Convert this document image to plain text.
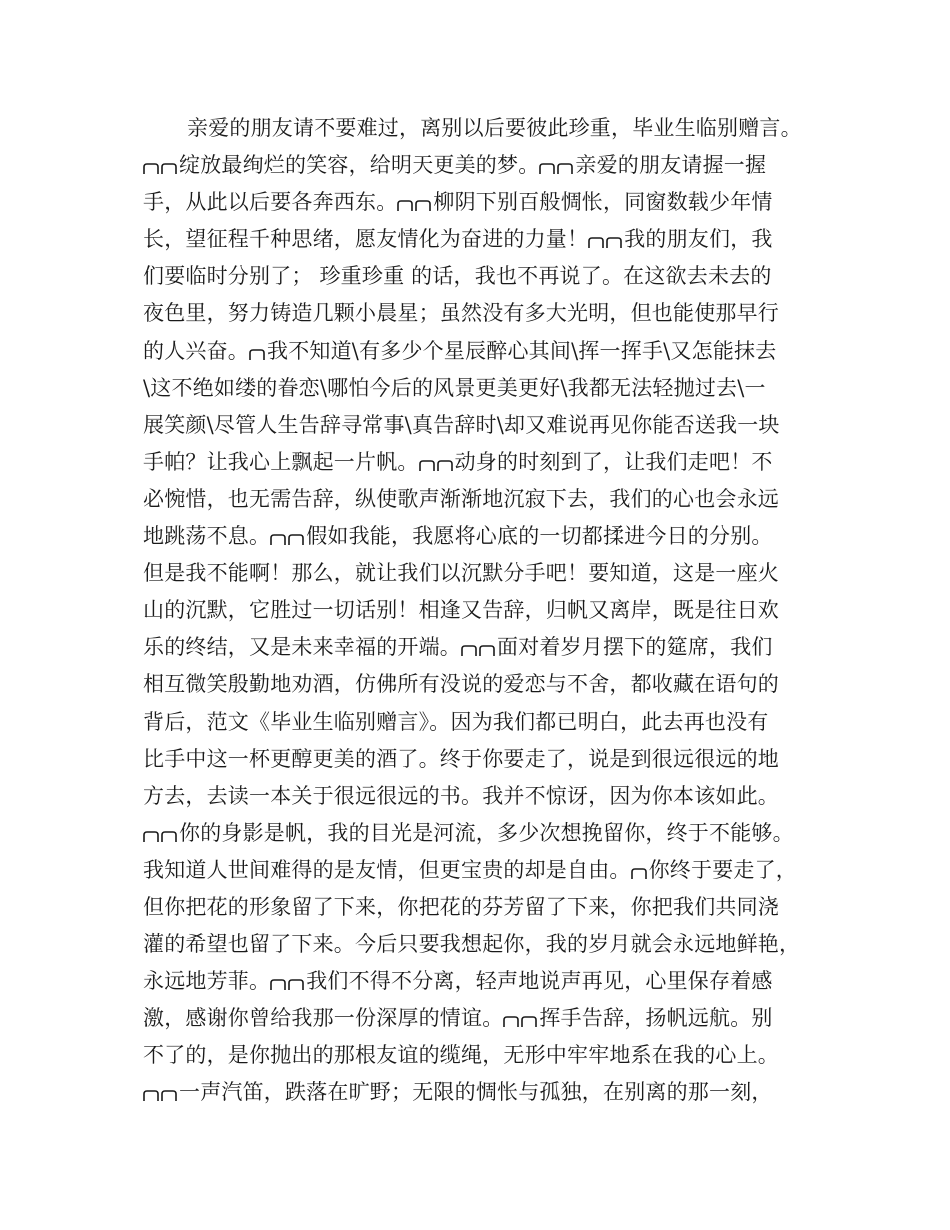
亲爱的朋友请不要难过，离别以后要彼此珍重，毕业生临别赠言。
绽放最绚烂的笑容，给明天更美的梦。 亲爱的朋友请握一握
手，从此以后要各奔西东。 柳阴下别百般惆怅，同窗数载少年情
长，望征程千种思绪，愿友情化为奋进的力量！ 我的朋友们，我
们要临时分别了； 珍重珍重 的话，我也不再说了。在这欲去未去的
夜色里，努力铸造几颗小晨星；虽然没有多大光明，但也能使那早行
的人兴奋。 我不知道\有多少个星辰醉心其间\挥一挥手\又怎能抹去
\这不绝如缕的眷恋\哪怕今后的风景更美更好\我都无法轻抛过去\一
展笑颜\尽管人生告辞寻常事\真告辞时\却又难说再见你能否送我一块
手帕？让我心上飘起一片帆。 动身的时刻到了，让我们走吧！不
必惋惜，也无需告辞，纵使歌声渐渐地沉寂下去，我们的心也会永远
地跳荡不息。 假如我能，我愿将心底的一切都揉进今日的分别。
但是我不能啊！那么，就让我们以沉默分手吧！要知道，这是一座火
山的沉默，它胜过一切话别！相逢又告辞，归帆又离岸，既是往日欢
乐的终结，又是未来幸福的开端。 面对着岁月摆下的筵席，我们
相互微笑殷勤地劝酒，仿佛所有没说的爱恋与不舍，都收藏在语句的
背后，范文《毕业生临别赠言》。因为我们都已明白，此去再也没有
比手中这一杯更醇更美的酒了。终于你要走了，说是到很远很远的地
方去，去读一本关于很远很远的书。我并不惊讶，因为你本该如此。
你的身影是帆，我的目光是河流，多少次想挽留你，终于不能够。
我知道人世间难得的是友情，但更宝贵的却是自由。 你终于要走了，
但你把花的形象留了下来，你把花的芬芳留了下来，你把我们共同浇
灌的希望也留了下来。今后只要我想起你，我的岁月就会永远地鲜艳，
永远地芳菲。 我们不得不分离，轻声地说声再见，心里保存着感
激，感谢你曾给我那一份深厚的情谊。 挥手告辞，扬帆远航。别
不了的，是你抛出的那根友谊的缆绳，无形中牢牢地系在我的心上。
一声汽笛，跌落在旷野；无限的惆怅与孤独，在别离的那一刻，
